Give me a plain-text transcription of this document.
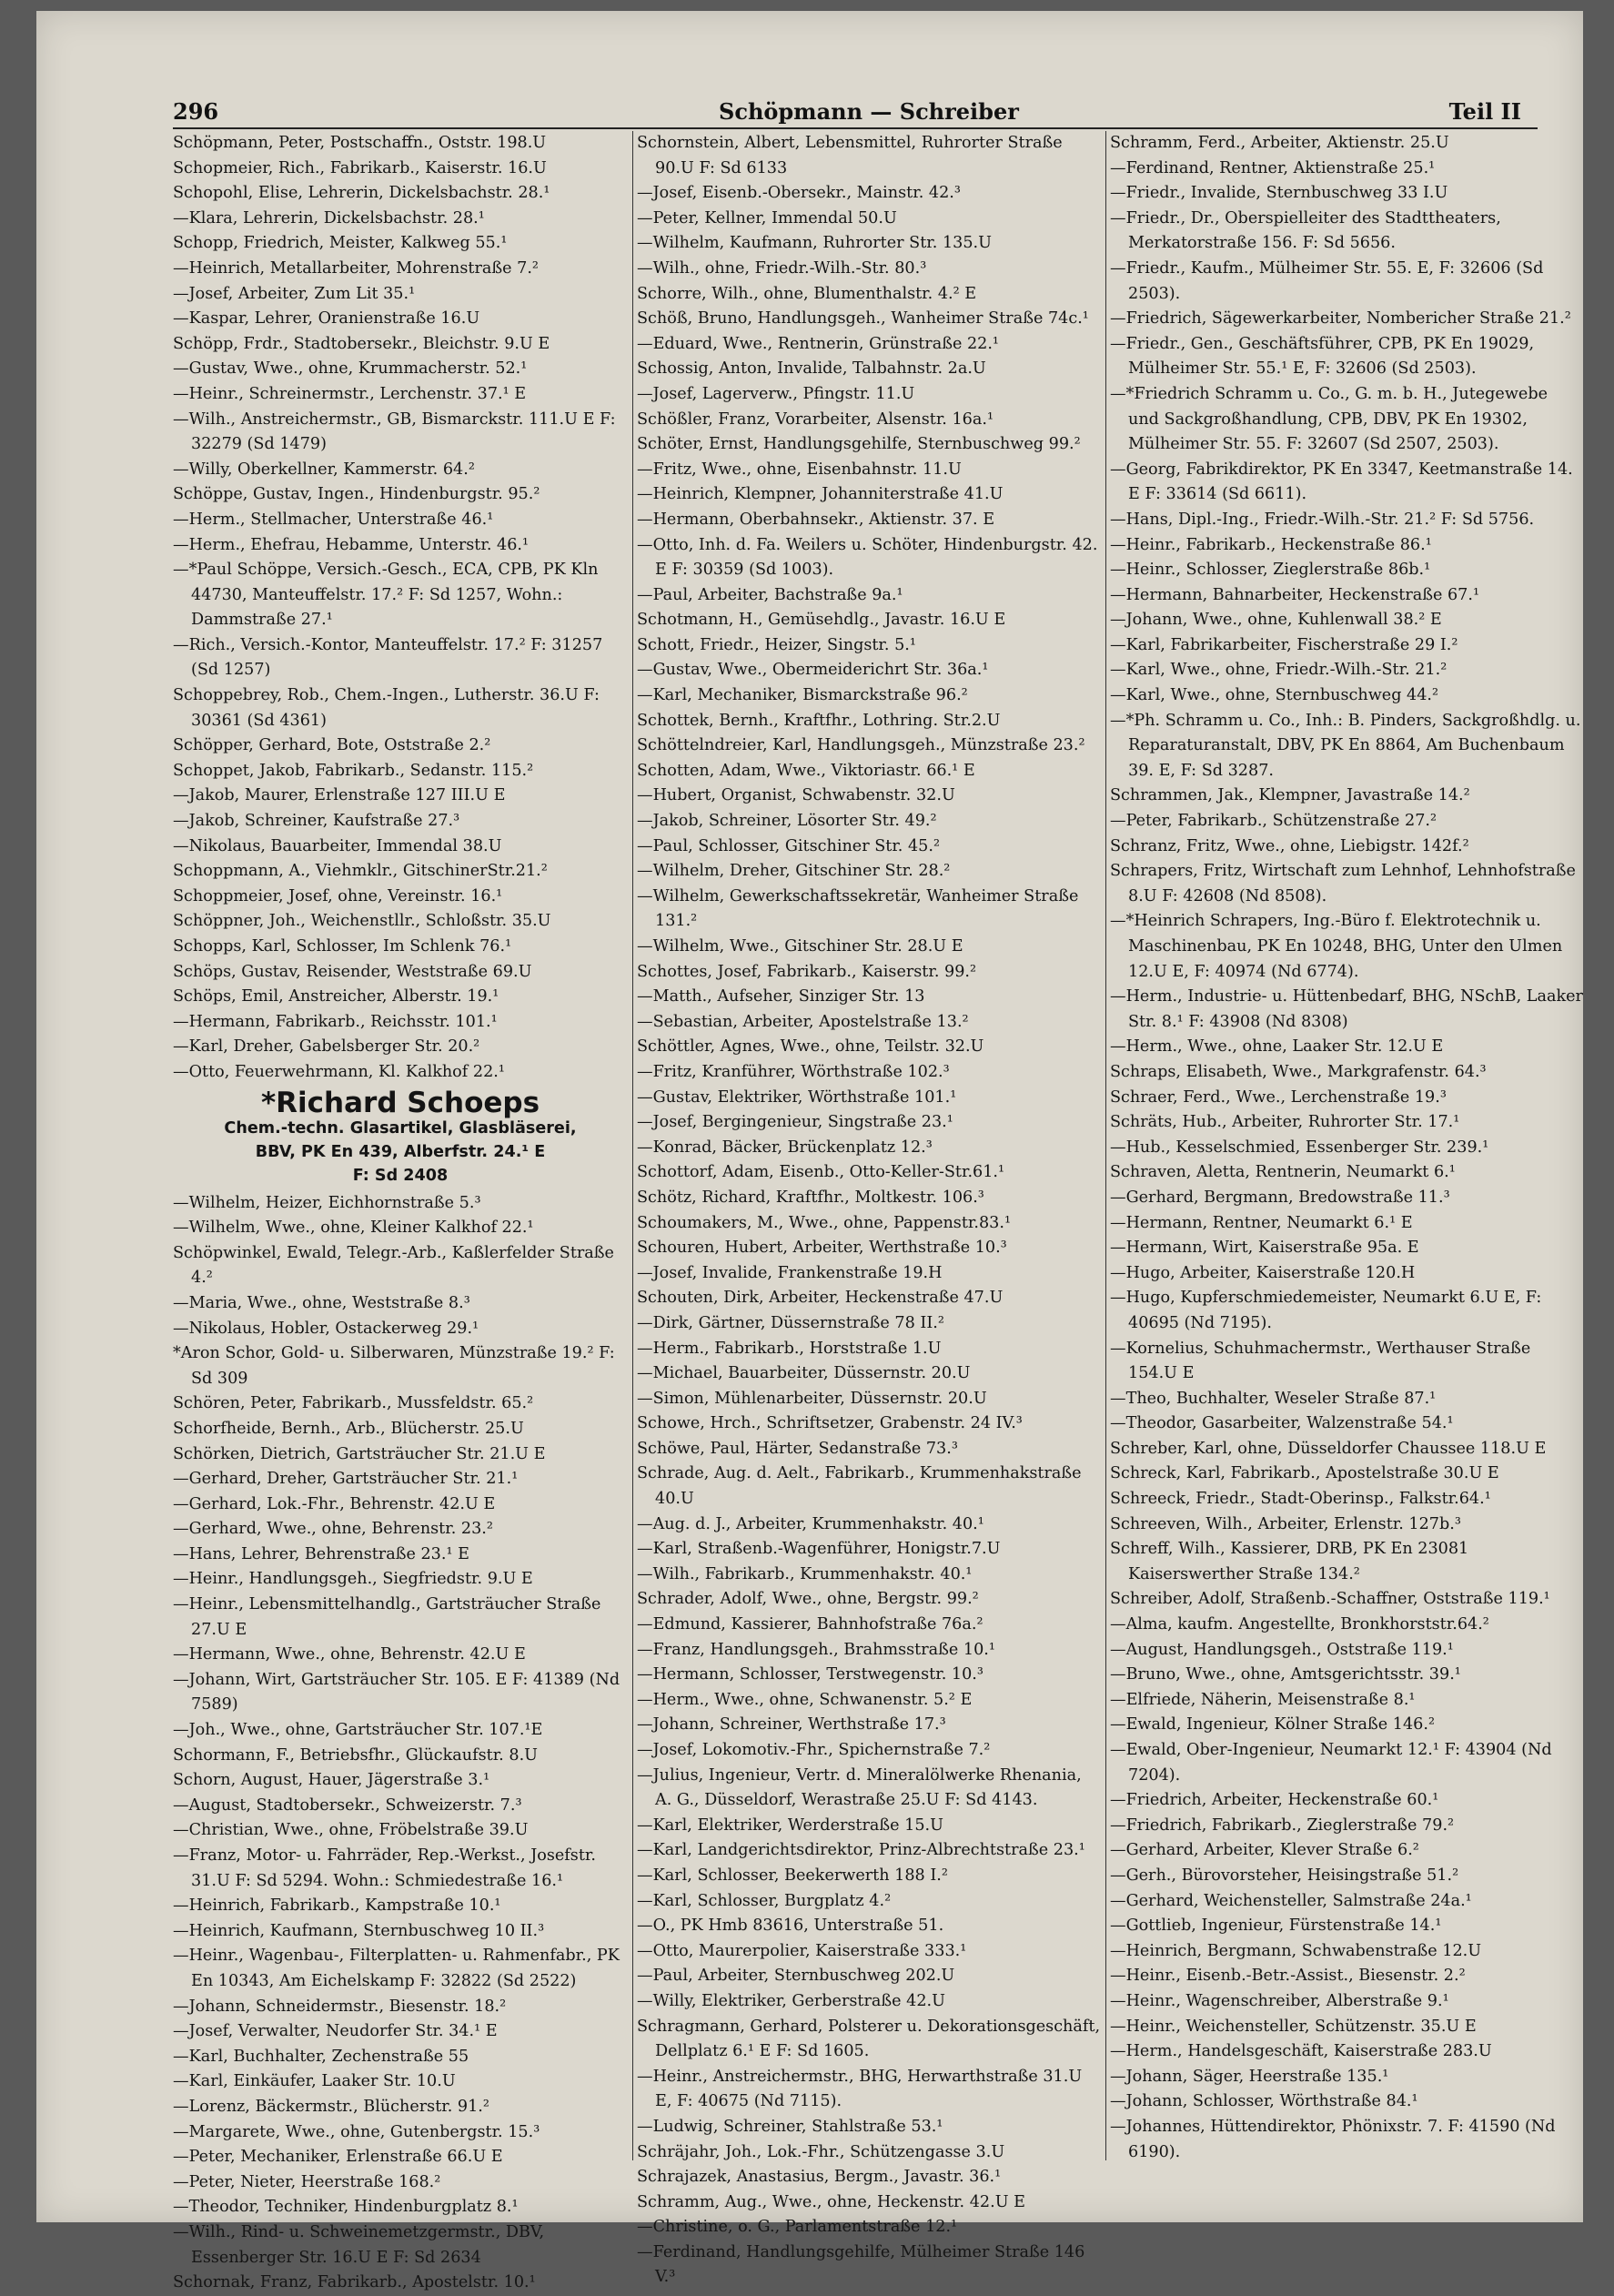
296	Schöpmann — Schreiber	Teil II

Schöpmann, Peter, Postschaffn., Oststr. 198.U

Schopmeier, Rich., Fabrikarb., Kaiserstr. 16.U

Schopohl, Elise, Lehrerin, Dickelsbachstr. 28.¹

—Klara, Lehrerin, Dickelsbachstr. 28.¹

Schopp, Friedrich, Meister, Kalkweg 55.¹

—Heinrich, Metallarbeiter, Mohrenstraße 7.²

—Josef, Arbeiter, Zum Lit 35.¹

—Kaspar, Lehrer, Oranienstraße 16.U

Schöpp, Frdr., Stadtobersekr., Bleichstr. 9.U E

—Gustav, Wwe., ohne, Krummacherstr. 52.¹

—Heinr., Schreinermstr., Lerchenstr. 37.¹ E

—Wilh., Anstreichermstr., GB, Bismarckstr. 111.U E F: 32279 (Sd 1479)

—Willy, Oberkellner, Kammerstr. 64.²

Schöppe, Gustav, Ingen., Hindenburgstr. 95.²

—Herm., Stellmacher, Unterstraße 46.¹

—Herm., Ehefrau, Hebamme, Unterstr. 46.¹

—*Paul Schöppe, Versich.-Gesch., ECA, CPB, PK Kln 44730, Manteuffelstr. 17.² F: Sd 1257, Wohn.: Dammstraße 27.¹

—Rich., Versich.-Kontor, Manteuffelstr. 17.² F: 31257 (Sd 1257)

Schoppebrey, Rob., Chem.-Ingen., Lutherstr. 36.U F: 30361 (Sd 4361)

Schöpper, Gerhard, Bote, Oststraße 2.²

Schoppet, Jakob, Fabrikarb., Sedanstr. 115.²

—Jakob, Maurer, Erlenstraße 127 III.U E

—Jakob, Schreiner, Kaufstraße 27.³

—Nikolaus, Bauarbeiter, Immendal 38.U

Schoppmann, A., Viehmklr., GitschinerStr.21.²

Schoppmeier, Josef, ohne, Vereinstr. 16.¹

Schöppner, Joh., Weichenstllr., Schloßstr. 35.U

Schopps, Karl, Schlosser, Im Schlenk 76.¹

Schöps, Gustav, Reisender, Weststraße 69.U

Schöps, Emil, Anstreicher, Alberstr. 19.¹

—Hermann, Fabrikarb., Reichsstr. 101.¹

—Karl, Dreher, Gabelsberger Str. 20.²

—Otto, Feuerwehrmann, Kl. Kalkhof 22.¹

*Richard Schoeps
Chem.-techn. Glasartikel, Glasbläserei,
BBV, PK En 439, Alberfstr. 24.¹ E
F: Sd 2408

—Wilhelm, Heizer, Eichhornstraße 5.³

—Wilhelm, Wwe., ohne, Kleiner Kalkhof 22.¹

Schöpwinkel, Ewald, Telegr.-Arb., Kaßlerfelder Straße 4.²

—Maria, Wwe., ohne, Weststraße 8.³

—Nikolaus, Hobler, Ostackerweg 29.¹

*Aron Schor, Gold- u. Silberwaren, Münzstraße 19.² F: Sd 309

Schören, Peter, Fabrikarb., Mussfeldstr. 65.²

Schorfheide, Bernh., Arb., Blücherstr. 25.U

Schörken, Dietrich, Gartsträucher Str. 21.U E

—Gerhard, Dreher, Gartsträucher Str. 21.¹

—Gerhard, Lok.-Fhr., Behrenstr. 42.U E

—Gerhard, Wwe., ohne, Behrenstr. 23.²

—Hans, Lehrer, Behrenstraße 23.¹ E

—Heinr., Handlungsgeh., Siegfriedstr. 9.U E

—Heinr., Lebensmittelhandlg., Gartsträucher Straße 27.U E

—Hermann, Wwe., ohne, Behrenstr. 42.U E

—Johann, Wirt, Gartsträucher Str. 105. E F: 41389 (Nd 7589)

—Joh., Wwe., ohne, Gartsträucher Str. 107.¹E

Schormann, F., Betriebsfhr., Glückaufstr. 8.U

Schorn, August, Hauer, Jägerstraße 3.¹

—August, Stadtobersekr., Schweizerstr. 7.³

—Christian, Wwe., ohne, Fröbelstraße 39.U

—Franz, Motor- u. Fahrräder, Rep.-Werkst., Josefstr. 31.U F: Sd 5294. Wohn.: Schmiedestraße 16.¹

—Heinrich, Fabrikarb., Kampstraße 10.¹

—Heinrich, Kaufmann, Sternbuschweg 10 II.³

—Heinr., Wagenbau-, Filterplatten- u. Rahmenfabr., PK En 10343, Am Eichelskamp F: 32822 (Sd 2522)

—Johann, Schneidermstr., Biesenstr. 18.²

—Josef, Verwalter, Neudorfer Str. 34.¹ E

—Karl, Buchhalter, Zechenstraße 55

—Karl, Einkäufer, Laaker Str. 10.U

—Lorenz, Bäckermstr., Blücherstr. 91.²

—Margarete, Wwe., ohne, Gutenbergstr. 15.³

—Peter, Mechaniker, Erlenstraße 66.U E

—Peter, Nieter, Heerstraße 168.²

—Theodor, Techniker, Hindenburgplatz 8.¹

—Wilh., Rind- u. Schweinemetzgermstr., DBV, Essenberger Str. 16.U E F: Sd 2634

Schornak, Franz, Fabrikarb., Apostelstr. 10.¹

Schornstein, Albert, Lebensmittel, Ruhrorter Straße 90.U F: Sd 6133

—Josef, Eisenb.-Obersekr., Mainstr. 42.³

—Peter, Kellner, Immendal 50.U

—Wilhelm, Kaufmann, Ruhrorter Str. 135.U

—Wilh., ohne, Friedr.-Wilh.-Str. 80.³

Schorre, Wilh., ohne, Blumenthalstr. 4.² E

Schöß, Bruno, Handlungsgeh., Wanheimer Straße 74c.¹

—Eduard, Wwe., Rentnerin, Grünstraße 22.¹

Schossig, Anton, Invalide, Talbahnstr. 2a.U

—Josef, Lagerverw., Pfingstr. 11.U

Schößler, Franz, Vorarbeiter, Alsenstr. 16a.¹

Schöter, Ernst, Handlungsgehilfe, Sternbuschweg 99.²

—Fritz, Wwe., ohne, Eisenbahnstr. 11.U

—Heinrich, Klempner, Johanniterstraße 41.U

—Hermann, Oberbahnsekr., Aktienstr. 37. E

—Otto, Inh. d. Fa. Weilers u. Schöter, Hindenburgstr. 42. E F: 30359 (Sd 1003).

—Paul, Arbeiter, Bachstraße 9a.¹

Schotmann, H., Gemüsehdlg., Javastr. 16.U E

Schott, Friedr., Heizer, Singstr. 5.¹

—Gustav, Wwe., Obermeiderichrt Str. 36a.¹

—Karl, Mechaniker, Bismarckstraße 96.²

Schottek, Bernh., Kraftfhr., Lothring. Str.2.U

Schöttelndreier, Karl, Handlungsgeh., Münzstraße 23.²

Schotten, Adam, Wwe., Viktoriastr. 66.¹ E

—Hubert, Organist, Schwabenstr. 32.U

—Jakob, Schreiner, Lösorter Str. 49.²

—Paul, Schlosser, Gitschiner Str. 45.²

—Wilhelm, Dreher, Gitschiner Str. 28.²

—Wilhelm, Gewerkschaftssekretär, Wanheimer Straße 131.²

—Wilhelm, Wwe., Gitschiner Str. 28.U E

Schottes, Josef, Fabrikarb., Kaiserstr. 99.²

—Matth., Aufseher, Sinziger Str. 13

—Sebastian, Arbeiter, Apostelstraße 13.²

Schöttler, Agnes, Wwe., ohne, Teilstr. 32.U

—Fritz, Kranführer, Wörthstraße 102.³

—Gustav, Elektriker, Wörthstraße 101.¹

—Josef, Bergingenieur, Singstraße 23.¹

—Konrad, Bäcker, Brückenplatz 12.³

Schottorf, Adam, Eisenb., Otto-Keller-Str.61.¹

Schötz, Richard, Kraftfhr., Moltkestr. 106.³

Schoumakers, M., Wwe., ohne, Pappenstr.83.¹

Schouren, Hubert, Arbeiter, Werthstraße 10.³

—Josef, Invalide, Frankenstraße 19.H

Schouten, Dirk, Arbeiter, Heckenstraße 47.U

—Dirk, Gärtner, Düssernstraße 78 II.²

—Herm., Fabrikarb., Horststraße 1.U

—Michael, Bauarbeiter, Düssernstr. 20.U

—Simon, Mühlenarbeiter, Düssernstr. 20.U

Schowe, Hrch., Schriftsetzer, Grabenstr. 24 IV.³

Schöwe, Paul, Härter, Sedanstraße 73.³

Schrade, Aug. d. Aelt., Fabrikarb., Krummenhakstraße 40.U

—Aug. d. J., Arbeiter, Krummenhakstr. 40.¹

—Karl, Straßenb.-Wagenführer, Honigstr.7.U

—Wilh., Fabrikarb., Krummenhakstr. 40.¹

Schrader, Adolf, Wwe., ohne, Bergstr. 99.²

—Edmund, Kassierer, Bahnhofstraße 76a.²

—Franz, Handlungsgeh., Brahmsstraße 10.¹

—Hermann, Schlosser, Terstwegenstr. 10.³

—Herm., Wwe., ohne, Schwanenstr. 5.² E

—Johann, Schreiner, Werthstraße 17.³

—Josef, Lokomotiv.-Fhr., Spichernstraße 7.²

—Julius, Ingenieur, Vertr. d. Mineralölwerke Rhenania, A. G., Düsseldorf, Werastraße 25.U F: Sd 4143.

—Karl, Elektriker, Werderstraße 15.U

—Karl, Landgerichtsdirektor, Prinz-Albrechtstraße 23.¹

—Karl, Schlosser, Beekerwerth 188 I.²

—Karl, Schlosser, Burgplatz 4.²

—O., PK Hmb 83616, Unterstraße 51.

—Otto, Maurerpolier, Kaiserstraße 333.¹

—Paul, Arbeiter, Sternbuschweg 202.U

—Willy, Elektriker, Gerberstraße 42.U

Schragmann, Gerhard, Polsterer u. Dekorationsgeschäft, Dellplatz 6.¹ E F: Sd 1605.

—Heinr., Anstreichermstr., BHG, Herwarthstraße 31.U E, F: 40675 (Nd 7115).

—Ludwig, Schreiner, Stahlstraße 53.¹

Schräjahr, Joh., Lok.-Fhr., Schützengasse 3.U

Schrajazek, Anastasius, Bergm., Javastr. 36.¹

Schramm, Aug., Wwe., ohne, Heckenstr. 42.U E

—Christine, o. G., Parlamentstraße 12.¹

—Ferdinand, Handlungsgehilfe, Mülheimer Straße 146 V.³

Schramm, Ferd., Arbeiter, Aktienstr. 25.U

—Ferdinand, Rentner, Aktienstraße 25.¹

—Friedr., Invalide, Sternbuschweg 33 I.U

—Friedr., Dr., Oberspielleiter des Stadttheaters, Merkatorstraße 156. F: Sd 5656.

—Friedr., Kaufm., Mülheimer Str. 55. E, F: 32606 (Sd 2503).

—Friedrich, Sägewerkarbeiter, Nombericher Straße 21.²

—Friedr., Gen., Geschäftsführer, CPB, PK En 19029, Mülheimer Str. 55.¹ E, F: 32606 (Sd 2503).

—*Friedrich Schramm u. Co., G. m. b. H., Jutegewebe und Sackgroßhandlung, CPB, DBV, PK En 19302, Mülheimer Str. 55. F: 32607 (Sd 2507, 2503).

—Georg, Fabrikdirektor, PK En 3347, Keetmanstraße 14. E F: 33614 (Sd 6611).

—Hans, Dipl.-Ing., Friedr.-Wilh.-Str. 21.² F: Sd 5756.

—Heinr., Fabrikarb., Heckenstraße 86.¹

—Heinr., Schlosser, Zieglerstraße 86b.¹

—Hermann, Bahnarbeiter, Heckenstraße 67.¹

—Johann, Wwe., ohne, Kuhlenwall 38.² E

—Karl, Fabrikarbeiter, Fischerstraße 29 I.²

—Karl, Wwe., ohne, Friedr.-Wilh.-Str. 21.²

—Karl, Wwe., ohne, Sternbuschweg 44.²

—*Ph. Schramm u. Co., Inh.: B. Pinders, Sackgroßhdlg. u. Reparaturanstalt, DBV, PK En 8864, Am Buchenbaum 39. E, F: Sd 3287.

Schrammen, Jak., Klempner, Javastraße 14.²

—Peter, Fabrikarb., Schützenstraße 27.²

Schranz, Fritz, Wwe., ohne, Liebigstr. 142f.²

Schrapers, Fritz, Wirtschaft zum Lehnhof, Lehnhofstraße 8.U F: 42608 (Nd 8508).

—*Heinrich Schrapers, Ing.-Büro f. Elektrotechnik u. Maschinenbau, PK En 10248, BHG, Unter den Ulmen 12.U E, F: 40974 (Nd 6774).

—Herm., Industrie- u. Hüttenbedarf, BHG, NSchB, Laaker Str. 8.¹ F: 43908 (Nd 8308)

—Herm., Wwe., ohne, Laaker Str. 12.U E

Schraps, Elisabeth, Wwe., Markgrafenstr. 64.³

Schraer, Ferd., Wwe., Lerchenstraße 19.³

Schräts, Hub., Arbeiter, Ruhrorter Str. 17.¹

—Hub., Kesselschmied, Essenberger Str. 239.¹

Schraven, Aletta, Rentnerin, Neumarkt 6.¹

—Gerhard, Bergmann, Bredowstraße 11.³

—Hermann, Rentner, Neumarkt 6.¹ E

—Hermann, Wirt, Kaiserstraße 95a. E

—Hugo, Arbeiter, Kaiserstraße 120.H

—Hugo, Kupferschmiedemeister, Neumarkt 6.U E, F: 40695 (Nd 7195).

—Kornelius, Schuhmachermstr., Werthauser Straße 154.U E

—Theo, Buchhalter, Weseler Straße 87.¹

—Theodor, Gasarbeiter, Walzenstraße 54.¹

Schreber, Karl, ohne, Düsseldorfer Chaussee 118.U E

Schreck, Karl, Fabrikarb., Apostelstraße 30.U E

Schreeck, Friedr., Stadt-Oberinsp., Falkstr.64.¹

Schreeven, Wilh., Arbeiter, Erlenstr. 127b.³

Schreff, Wilh., Kassierer, DRB, PK En 23081 Kaiserswerther Straße 134.²

Schreiber, Adolf, Straßenb.-Schaffner, Oststraße 119.¹

—Alma, kaufm. Angestellte, Bronkhorststr.64.²

—August, Handlungsgeh., Oststraße 119.¹

—Bruno, Wwe., ohne, Amtsgerichtsstr. 39.¹

—Elfriede, Näherin, Meisenstraße 8.¹

—Ewald, Ingenieur, Kölner Straße 146.²

—Ewald, Ober-Ingenieur, Neumarkt 12.¹ F: 43904 (Nd 7204).

—Friedrich, Arbeiter, Heckenstraße 60.¹

—Friedrich, Fabrikarb., Zieglerstraße 79.²

—Gerhard, Arbeiter, Klever Straße 6.²

—Gerh., Bürovorsteher, Heisingstraße 51.²

—Gerhard, Weichensteller, Salmstraße 24a.¹

—Gottlieb, Ingenieur, Fürstenstraße 14.¹

—Heinrich, Bergmann, Schwabenstraße 12.U

—Heinr., Eisenb.-Betr.-Assist., Biesenstr. 2.²

—Heinr., Wagenschreiber, Alberstraße 9.¹

—Heinr., Weichensteller, Schützenstr. 35.U E

—Herm., Handelsgeschäft, Kaiserstraße 283.U

—Johann, Säger, Heerstraße 135.¹

—Johann, Schlosser, Wörthstraße 84.¹

—Johannes, Hüttendirektor, Phönixstr. 7. F: 41590 (Nd 6190).
